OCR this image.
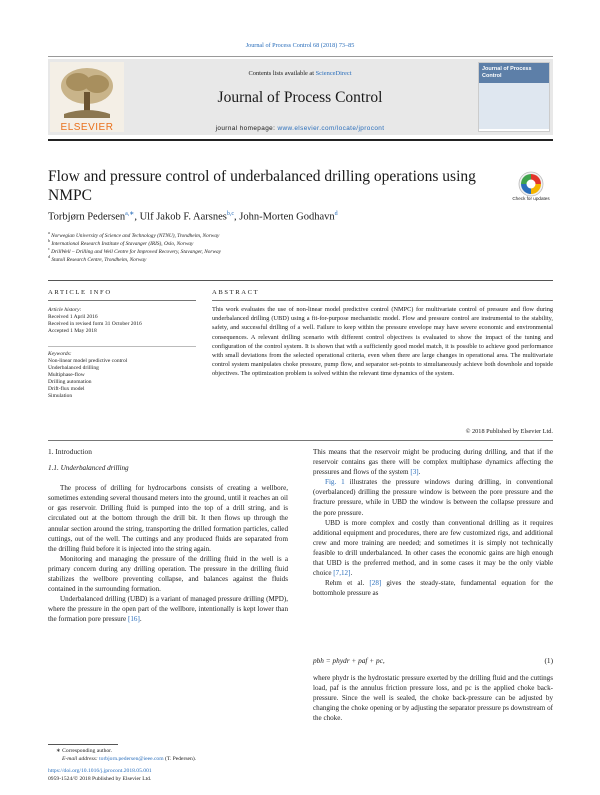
Journal of Process Control 68 (2018) 73–85
ELSEVIER
Contents lists available at ScienceDirect
Journal of Process Control
journal homepage: www.elsevier.com/locate/jprocont
Journal of Process Control
Flow and pressure control of underbalanced drilling operations using NMPC	Check for updates
Torbjørn Pedersen$^{a,∗}$, Ulf Jakob F. Aarsnes$^{b,c}$, John-Morten Godhavn$^d$
$^a$ Norwegian University of Science and Technology (NTNU), Trondheim, Norway
$^b$ International Research Institute of Stavanger (IRIS), Oslo, Norway
$^c$ DrillWell – Drilling and Well Centre for Improved Recovery, Stavanger, Norway
$^d$ Statoil Research Centre, Trondheim, Norway
ARTICLE INFO
Article history:
Received 1 April 2016
Received in revised form 31 October 2016
Accepted 1 May 2018
Keywords:
Non-linear model predictive control
Underbalanced drilling
Multiphase-flow
Drilling automation
Drift-flux model
Simulation
ABSTRACT
This work evaluates the use of non-linear model predictive control (NMPC) for multivariate control of pressure and flow during underbalanced drilling (UBD) using a fit-for-purpose mechanistic model. Flow and pressure control are instrumental to the stability, safety, and successful drilling of a well. Failure to keep within the pressure envelope may have severe economic and environmental consequences. A relevant drilling scenario with different control objectives is evaluated to show the impact of the tuning and configuration of the control system. It is shown that with a sufficiently good model match, it is possible to achieve good performance with small deviations from the selected operational criteria, even when there are large changes in operational area. The multivariate control system manipulates choke pressure, pump flow, and separator set-points to simultaneously achieve both downhole and topside objectives. The optimization problem is solved within the relevant time dynamics of the system.
© 2018 Published by Elsevier Ltd.
1. Introduction
1.1. Underbalanced drilling

The process of drilling for hydrocarbons consists of creating a wellbore, sometimes extending several thousand meters into the ground, until it reaches an oil or gas reservoir. Drilling fluid is pumped into the top of a drill string, and is circulated out at the bottom through the drill bit. It then flows up through the annular section around the string, transporting the drilled formation particles, called cuttings, out of the well. The cuttings and any produced fluids are separated from the drilling fluid before it is injected into the string again.

Monitoring and managing the pressure of the drilling fluid in the well is a primary concern during any drilling operation. The pressure in the drilling fluid stabilizes the wellbore preventing collapse, and balances against the fluids contained in the surrounding formation.

Underbalanced drilling (UBD) is a variant of managed pressure drilling (MPD), where the pressure in the open part of the wellbore, intentionally is kept lower than the formation pore pressure [16].

This means that the reservoir might be producing during drilling, and that if the reservoir contains gas there will be complex multiphase dynamics affecting the pressures and flows of the system [3].

Fig. 1 illustrates the pressure windows during drilling, in conventional (overbalanced) drilling the pressure window is between the pore pressure and the fracture pressure, while in UBD the window is between the collapse pressure and the pore pressure.

UBD is more complex and costly than conventional drilling as it requires additional equipment and procedures, there are few customized rigs, and additional crew and more training are needed; and sometimes it is simply not technically feasible to drill underbalanced. In other cases the economic gains are high enough that UBD is the preferred method, and in some cases it may be the only viable choice [7,12].

Rehm et al. [28] gives the steady-state, fundamental equation for the bottomhole pressure as

pbh = phydr + paf + pc,	(1)

where phydr is the hydrostatic pressure exerted by the drilling fluid and the cuttings load, paf is the annulus friction pressure loss, and pc is the applied choke back-pressure. Since the well is sealed, the choke back-pressure can be adjusted by changing the choke opening or by adjusting the separator pressure ps downstream of the choke.

∗ Corresponding author.
E-mail address: torbjorn.pedersen@ieee.com (T. Pedersen).
https://doi.org/10.1016/j.jprocont.2018.05.001
0959-1524/© 2018 Published by Elsevier Ltd.
